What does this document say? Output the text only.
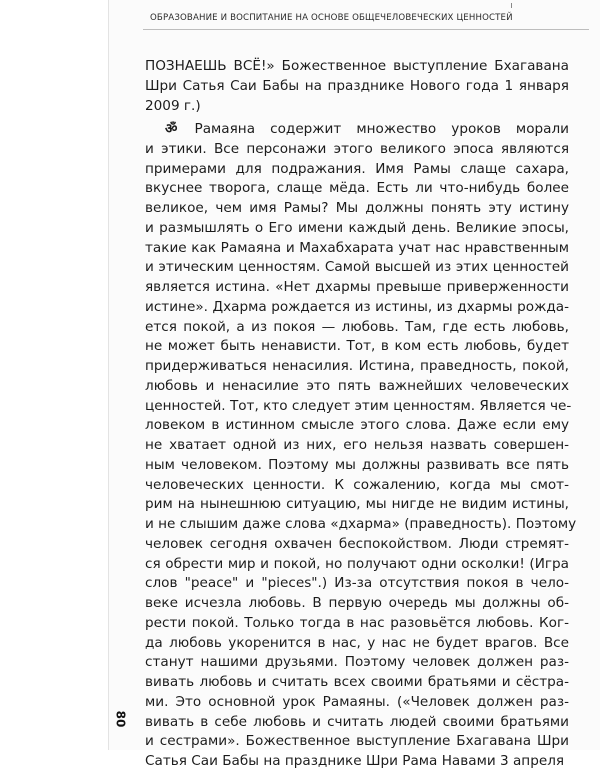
ОБРАЗОВАНИЕ И ВОСПИТАНИЕ НА ОСНОВЕ ОБЩЕЧЕЛОВЕЧЕСКИХ ЦЕННОСТЕЙ
ПОЗНАЕШЬ ВСЁ!» Божественное выступление Бхагавана
Шри Сатья Саи Бабы на празднике Нового года 1 января
2009 г.)
ॐ Рамаяна содержит множество уроков морали
и этики. Все персонажи этого великого эпоса являются
примерами для подражания. Имя Рамы слаще сахара,
вкуснее творога, слаще мёда. Есть ли что-нибудь более
великое, чем имя Рамы? Мы должны понять эту истину
и размышлять о Его имени каждый день. Великие эпосы,
такие как Рамаяна и Махабхарата учат нас нравственным
и этическим ценностям. Самой высшей из этих ценностей
является истина. «Нет дхармы превыше приверженности
истине». Дхарма рождается из истины, из дхармы рожда-
ется покой, а из покоя — любовь. Там, где есть любовь,
не может быть ненависти. Тот, в ком есть любовь, будет
придерживаться ненасилия. Истина, праведность, покой,
любовь и ненасилие это пять важнейших человеческих
ценностей. Тот, кто следует этим ценностям. Является че-
ловеком в истинном смысле этого слова. Даже если ему
не хватает одной из них, его нельзя назвать совершен-
ным человеком. Поэтому мы должны развивать все пять
человеческих ценности. К сожалению, когда мы смот-
рим на нынешнюю ситуацию, мы нигде не видим истины,
и не слышим даже слова «дхарма» (праведность). Поэтому
человек сегодня охвачен беспокойством. Люди стремят-
ся обрести мир и покой, но получают одни осколки! (Игра
слов "peace" и "pieces".) Из-за отсутствия покоя в чело-
веке исчезла любовь. В первую очередь мы должны об-
рести покой. Только тогда в нас разовьётся любовь. Ког-
да любовь укоренится в нас, у нас не будет врагов. Все
станут нашими друзьями. Поэтому человек должен раз-
вивать любовь и считать всех своими братьями и сёстра-
ми. Это основной урок Рамаяны. («Человек должен раз-
вивать в себе любовь и считать людей своими братьями
и сестрами». Божественное выступление Бхагавана Шри
Сатья Саи Бабы на празднике Шри Рама Навами 3 апреля
80
